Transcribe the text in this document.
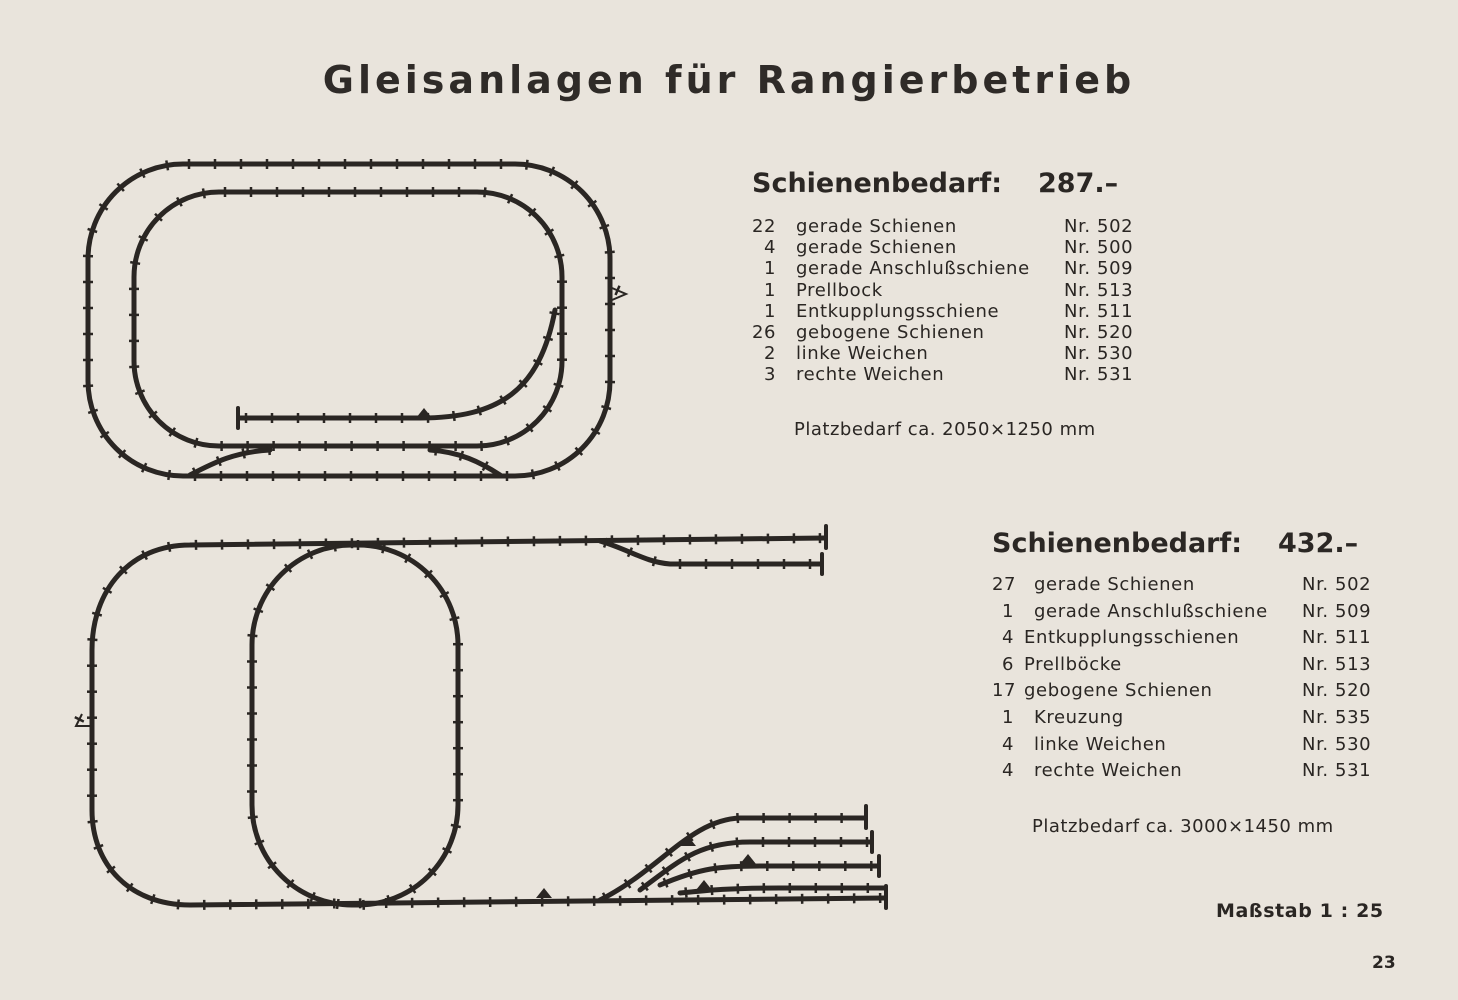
Gleisanlagen für Rangierbetrieb
Schienenbedarf: 287.–
22 gerade Schienen	Nr. 502
4 gerade Schienen	Nr. 500
1 gerade Anschlußschiene Nr. 509
1 Prellbock	Nr. 513
1 Entkupplungsschiene	Nr. 511
26 gebogene Schienen	Nr. 520
2 linke Weichen	Nr. 530
3 rechte Weichen	Nr. 531
Platzbedarf ca. 2050×1250 mm
Schienenbedarf: 432.–
27 gerade Schienen	Nr. 502
1 gerade Anschlußschiene Nr. 509
4 Entkupplungsschienen	Nr. 511
6 Prellböcke	Nr. 513
17 gebogene Schienen	Nr. 520
1 Kreuzung	Nr. 535
4 linke Weichen	Nr. 530
4 rechte Weichen	Nr. 531
Platzbedarf ca. 3000×1450 mm
Maßstab 1 : 25
23
